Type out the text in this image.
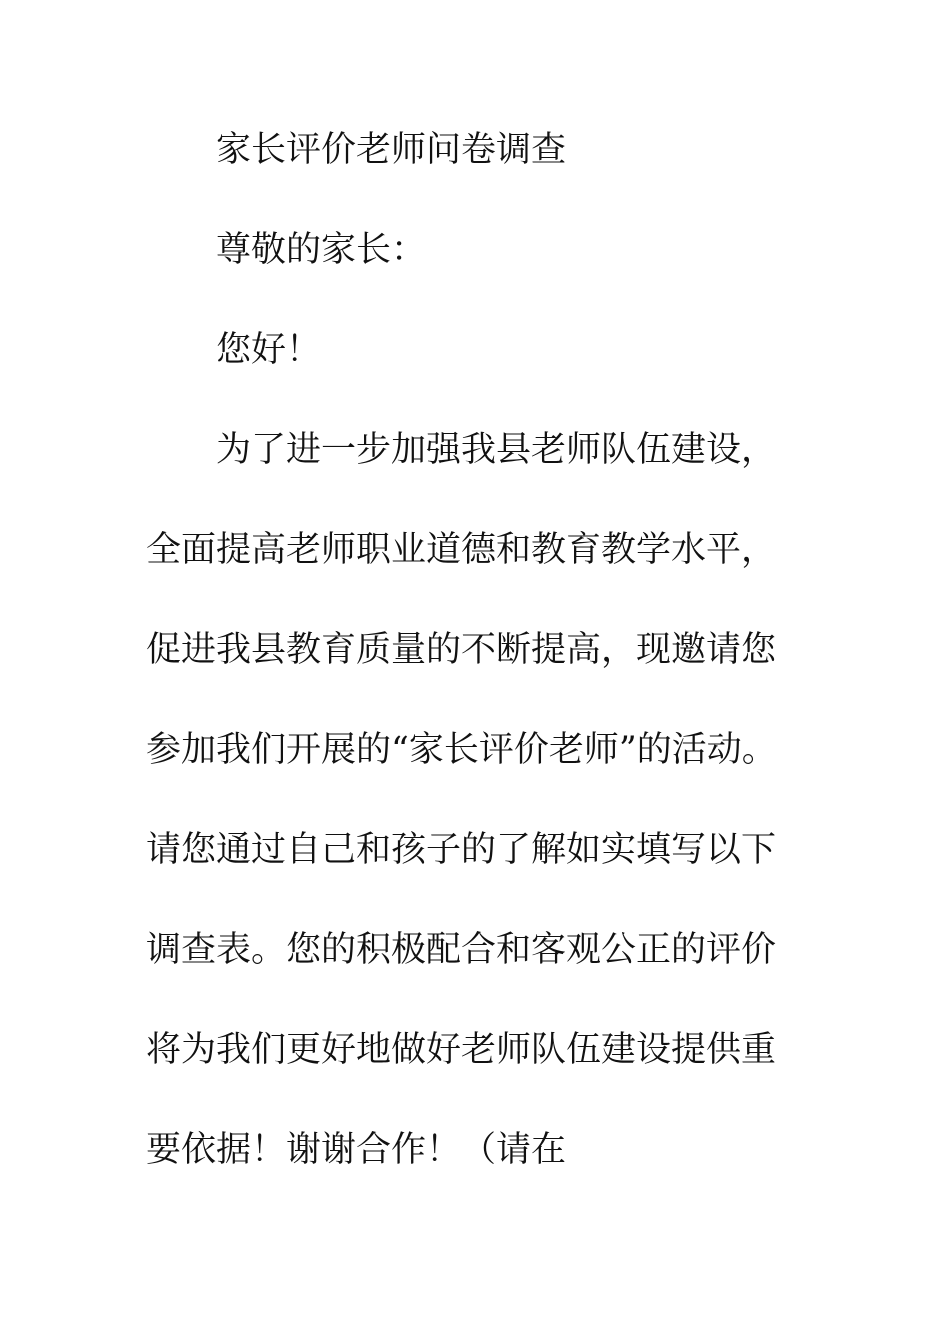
家长评价老师问卷调查
尊敬的家长：
您好！
为了进一步加强我县老师队伍建设，
全面提高老师职业道德和教育教学水平，
促进我县教育质量的不断提高，现邀请您
参加我们开展的“家长评价老师”的活动。
请您通过自己和孩子的了解如实填写以下
调查表。您的积极配合和客观公正的评价
将为我们更好地做好老师队伍建设提供重
要依据！谢谢合作！（请在
